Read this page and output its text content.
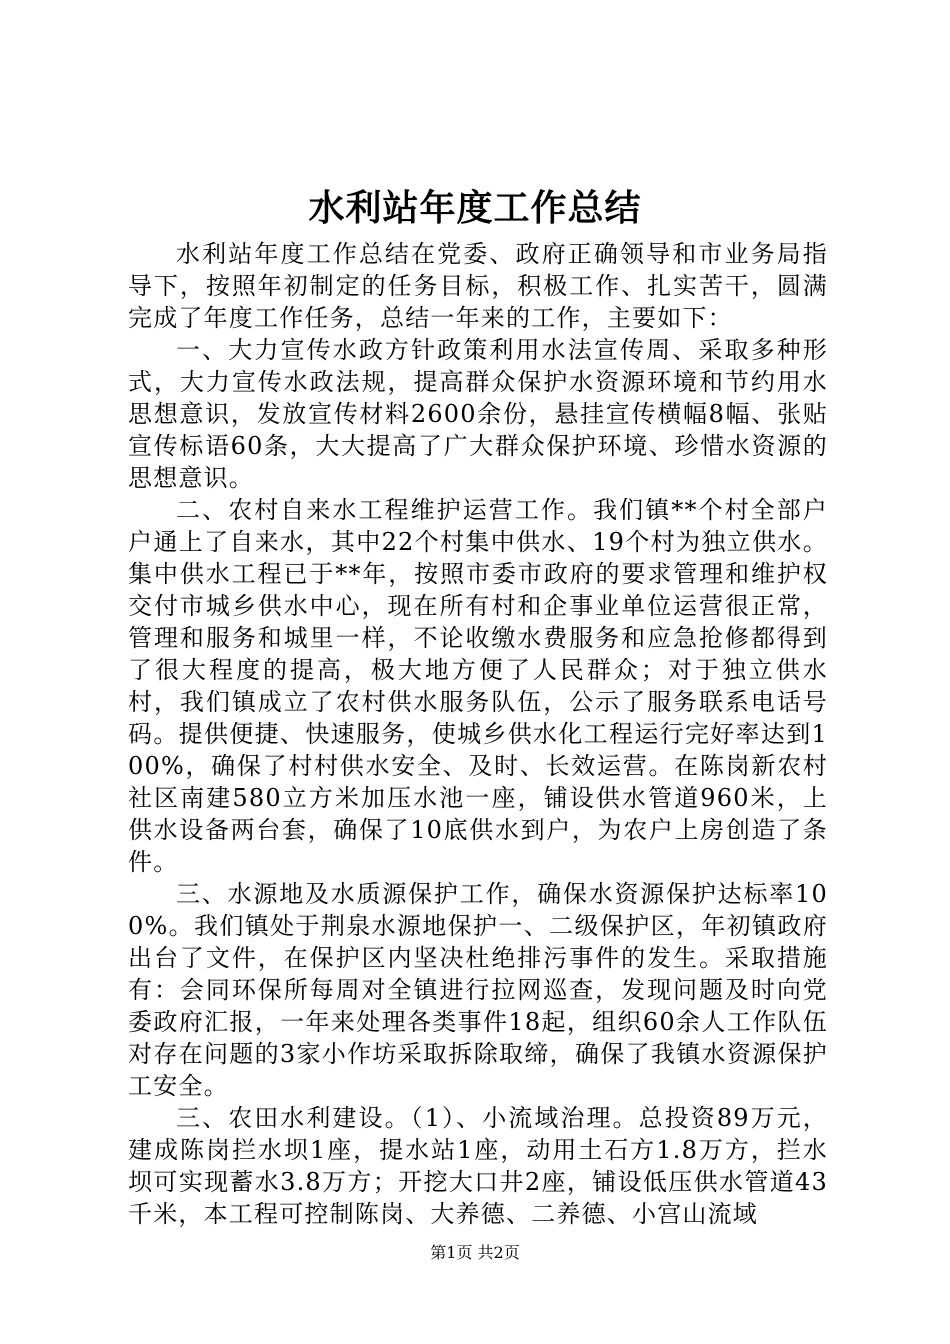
水利站年度工作总结

水利站年度工作总结在党委、政府正确领导和市业务局指导下，按照年初制定的任务目标，积极工作、扎实苦干，圆满完成了年度工作任务，总结一年来的工作，主要如下：

一、大力宣传水政方针政策利用水法宣传周、采取多种形式，大力宣传水政法规，提高群众保护水资源环境和节约用水思想意识，发放宣传材料2600余份，悬挂宣传横幅8幅、张贴宣传标语60条，大大提高了广大群众保护环境、珍惜水资源的思想意识。

二、农村自来水工程维护运营工作。我们镇**个村全部户户通上了自来水，其中22个村集中供水、19个村为独立供水。集中供水工程已于**年，按照市委市政府的要求管理和维护权交付市城乡供水中心，现在所有村和企事业单位运营很正常，管理和服务和城里一样，不论收缴水费服务和应急抢修都得到了很大程度的提高，极大地方便了人民群众；对于独立供水村，我们镇成立了农村供水服务队伍，公示了服务联系电话号码。提供便捷、快速服务，使城乡供水化工程运行完好率达到100%，确保了村村供水安全、及时、长效运营。在陈岗新农村社区南建580立方米加压水池一座，铺设供水管道960米，上供水设备两台套，确保了10底供水到户，为农户上房创造了条件。

三、水源地及水质源保护工作，确保水资源保护达标率100%。我们镇处于荆泉水源地保护一、二级保护区，年初镇政府出台了文件，在保护区内坚决杜绝排污事件的发生。采取措施有：会同环保所每周对全镇进行拉网巡查，发现问题及时向党委政府汇报，一年来处理各类事件18起，组织60余人工作队伍对存在问题的3家小作坊采取拆除取缔，确保了我镇水资源保护工安全。

三、农田水利建设。（1）、小流域治理。总投资89万元，建成陈岗拦水坝1座，提水站1座，动用土石方1.8万方，拦水坝可实现蓄水3.8万方；开挖大口井2座，铺设低压供水管道43千米，本工程可控制陈岗、大养德、二养德、小宫山流域

第1页 共2页
